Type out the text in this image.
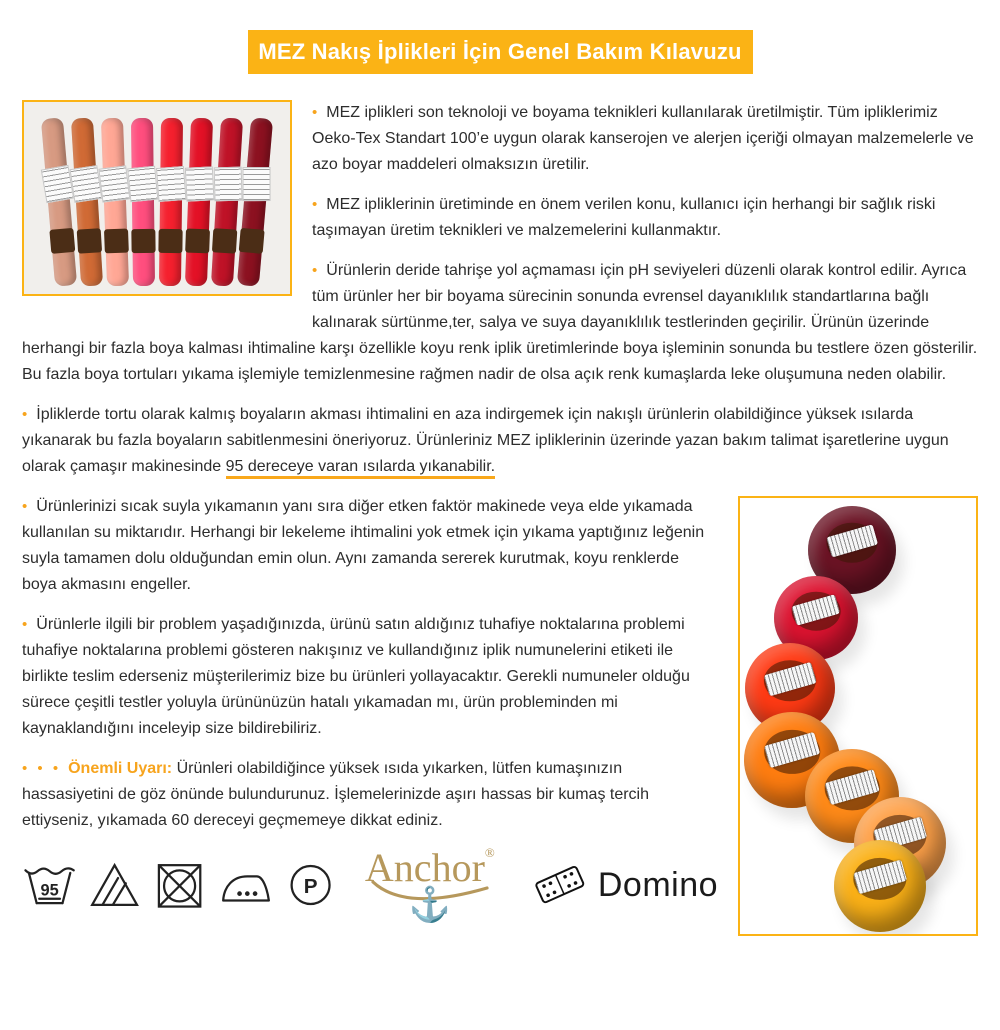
MEZ Nakış İplikleri İçin Genel Bakım Kılavuzu

• MEZ iplikleri son teknoloji ve boyama teknikleri kullanılarak üretilmiştir. Tüm ipliklerimiz Oeko-Tex Standart 100’e uygun olarak kanserojen ve alerjen içeriği olmayan malzemelerle ve azo boyar maddeleri olmaksızın üretilir.

• MEZ ipliklerinin üretiminde en önem verilen konu, kullanıcı için herhangi bir sağlık riski taşımayan üretim teknikleri ve malzemelerini kullanmaktır.

• Ürünlerin deride tahrişe yol açmaması için pH seviyeleri düzenli olarak kontrol edilir. Ayrıca tüm ürünler her bir boyama sürecinin sonunda evrensel dayanıklılık standartlarına bağlı kalınarak sürtünme,ter, salya ve suya dayanıklılık testlerinden geçirilir. Ürünün üzerinde herhangi bir fazla boya kalması ihtimaline karşı özellikle koyu renk iplik üretimlerinde boya işleminin sonunda bu testlere özen gösterilir. Bu fazla boya tortuları yıkama işlemiyle temizlenmesine rağmen nadir de olsa açık renk kumaşlarda leke oluşumuna neden olabilir.

• İpliklerde tortu olarak kalmış boyaların akması ihtimalini en aza indirgemek için nakışlı ürünlerin olabildiğince yüksek ısılarda yıkanarak bu fazla boyaların sabitlenmesini öneriyoruz. Ürünleriniz MEZ ipliklerinin üzerinde yazan bakım talimat işaretlerine uygun olarak çamaşır makinesinde 95 dereceye varan ısılarda yıkanabilir.

• Ürünlerinizi sıcak suyla yıkamanın yanı sıra diğer etken faktör makinede veya elde yıkamada kullanılan su miktarıdır. Herhangi bir lekeleme ihtimalini yok etmek için yıkama yaptığınız leğenin suyla tamamen dolu olduğundan emin olun. Aynı zamanda sererek kurutmak, koyu renklerde boya akmasını engeller.

• Ürünlerle ilgili bir problem yaşadığınızda, ürünü satın aldığınız tuhafiye noktalarına problemi tuhafiye noktalarına problemi gösteren nakışınız ve kullandığınız iplik numunelerini etiketi ile birlikte teslim ederseniz müşterilerimiz bize bu ürünleri yollayacaktır. Gerekli numuneler olduğu sürece çeşitli testler yoluyla ürününüzün hatalı yıkamadan mı, ürün probleminden mi kaynaklandığını inceleyip size bildirebiliriz.

• • • Önemli Uyarı: Ürünleri olabildiğince yüksek ısıda yıkarken, lütfen kumaşınızın hassasiyetini de göz önünde bulundurunuz. İşlemelerinizde aşırı hassas bir kumaş tercih ettiyseniz, yıkamada 60 dereceyi geçmemeye dikkat ediniz.

95	P Anchor®
⚓
Domino
